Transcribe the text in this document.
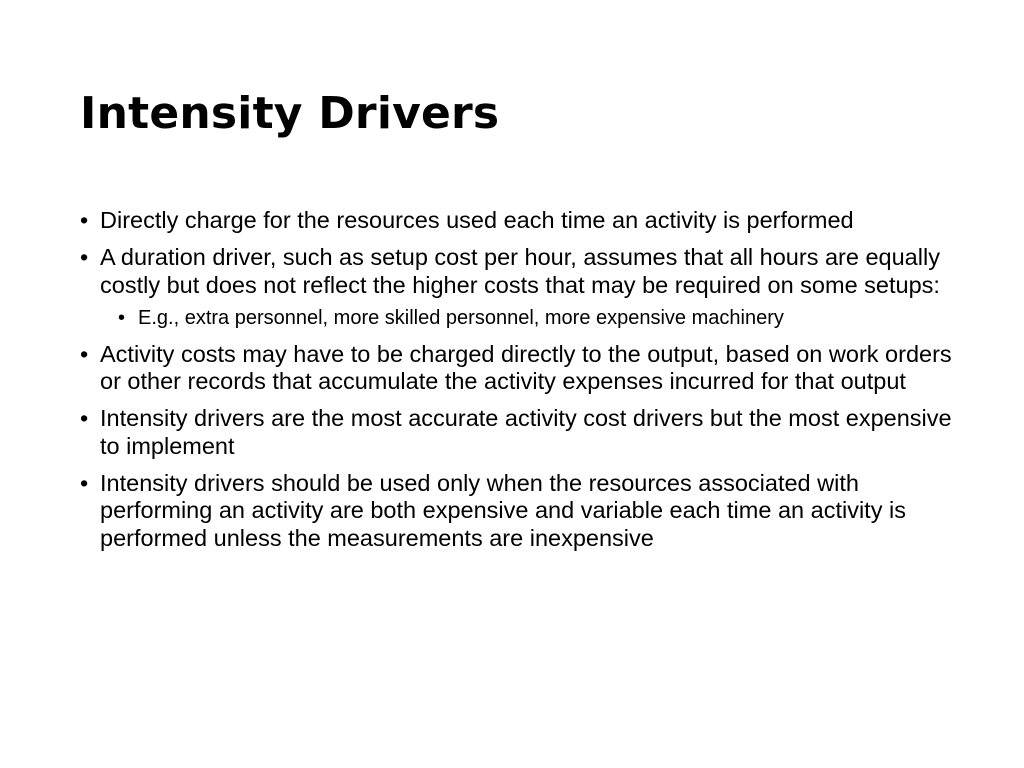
Intensity Drivers
• Directly charge for the resources used each time an activity is performed
• A duration driver, such as setup cost per hour, assumes that all hours are equally costly but does not reflect the higher costs that may be required on some setups:
• E.g., extra personnel, more skilled personnel, more expensive machinery
• Activity costs may have to be charged directly to the output, based on work orders or other records that accumulate the activity expenses incurred for that output
• Intensity drivers are the most accurate activity cost drivers but the most expensive to implement
• Intensity drivers should be used only when the resources associated with performing an activity are both expensive and variable each time an activity is performed unless the measurements are inexpensive
